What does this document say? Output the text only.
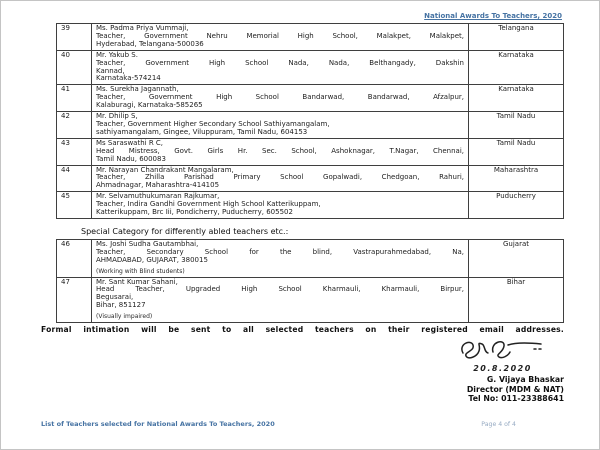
National Awards To Teachers, 2020
39	Ms. Padma Priya Vummaji,
Teacher, Government Nehru Memorial High School, Malakpet, Malakpet,
Hyderabad, Telangana-500036	Telangana
40	Mr. Yakub S.
Teacher, Government High School Nada, Nada, Belthangady, Dakshin
Kannad,
Karnataka-574214	Karnataka
41	Ms. Surekha Jagannath,
Teacher, Government High School Bandarwad, Bandarwad, Afzalpur,
Kalaburagi, Karnataka-585265	Karnataka
42	Mr. Dhilip S,
Teacher, Government Higher Secondary School Sathiyamangalam,
sathiyamangalam, Gingee, Viluppuram, Tamil Nadu, 604153	Tamil Nadu
43	Ms Saraswathi R C,
Head Mistress, Govt. Girls Hr. Sec. School, Ashoknagar, T.Nagar, Chennai,
Tamil Nadu, 600083	Tamil Nadu
44	Mr. Narayan Chandrakant Mangalaram,
Teacher, Zhilla Parishad Primary School Gopalwadi, Chedgoan, Rahuri,
Ahmadnagar, Maharashtra-414105	Maharashtra
45	Mr. Selvamuthukumaran Rajkumar,
Teacher, Indira Gandhi Government High School Katterikuppam,
Katterikuppam, Brc Iii, Pondicherry, Puducherry, 605502	Puducherry
Special Category for differently abled teachers etc.:
46	Ms. Joshi Sudha Gautambhai,
Teacher, Secondary School for the blind, Vastrapurahmedabad, Na,
AHMADABAD, GUJARAT, 380015
(Working with Blind students)	Gujarat
47	Mr. Sant Kumar Sahani,
Head Teacher, Upgraded High School Kharmauli, Kharmauli, Birpur,
Begusarai,
Bihar, 851127
(Visually impaired)	Bihar
Formal intimation will be sent to all selected teachers on their registered email addresses.
20.8.2020
G. Vijaya Bhaskar
Director (MDM & NAT)
Tel No: 011-23388641
List of Teachers selected for National Awards To Teachers, 2020	Page 4 of 4
